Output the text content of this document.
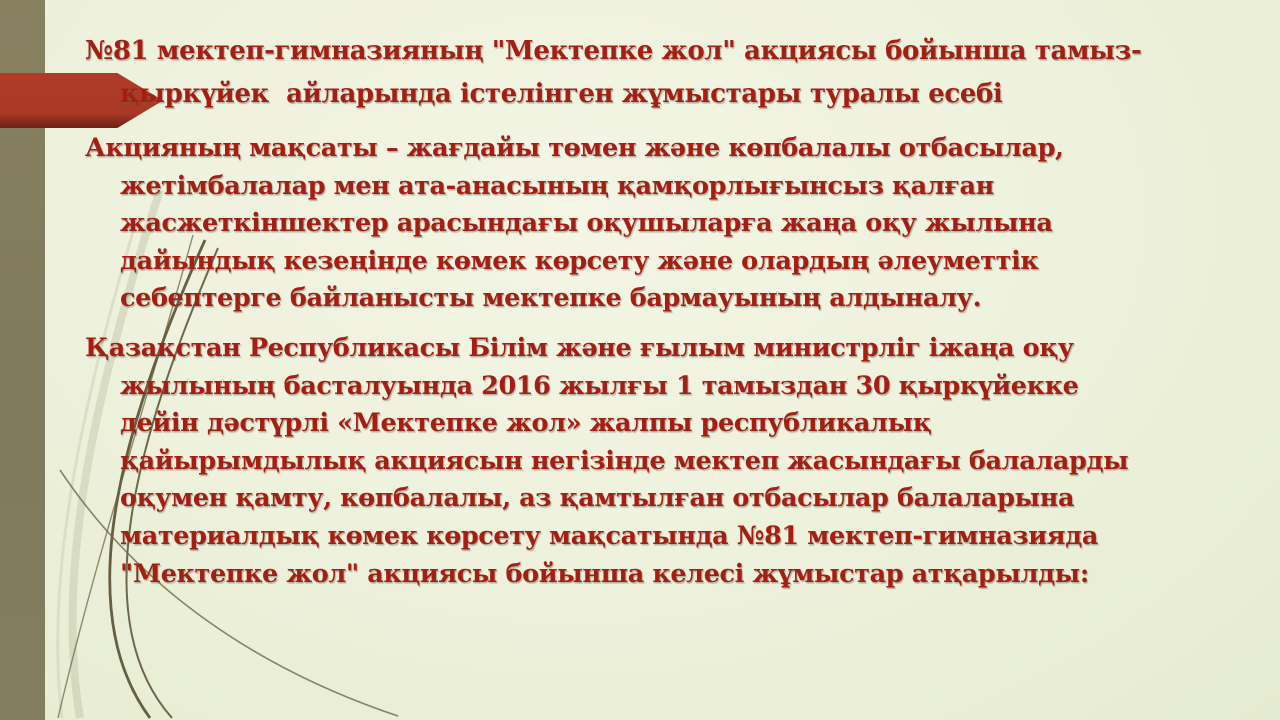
№81 мектеп-гимназияның "Мектепке жол" акциясы бойынша тамыз-
қыркүйек  айларында істелінген жұмыстары туралы есебі

Акцияның мақсаты – жағдайы төмен және көпбалалы отбасылар,
жетімбалалар мен ата-анасының қамқорлығынсыз қалған
жасжеткіншектер арасындағы оқушыларға жаңа оқу жылына
дайындық кезеңінде көмек көрсету және олардың әлеуметтік
себептерге байланысты мектепке бармауының алдыналу.

Қазақстан Республикасы Білім және ғылым министрліг іжаңа оқу
жылының басталуында 2016 жылғы 1 тамыздан 30 қыркүйекке
дейін дәстүрлі «Мектепке жол» жалпы республикалық
қайырымдылық акциясын негізінде мектеп жасындағы балаларды
оқумен қамту, көпбалалы, аз қамтылған отбасылар балаларына
материалдық көмек көрсету мақсатында №81 мектеп-гимназияда
"Мектепке жол" акциясы бойынша келесі жұмыстар атқарылды:
